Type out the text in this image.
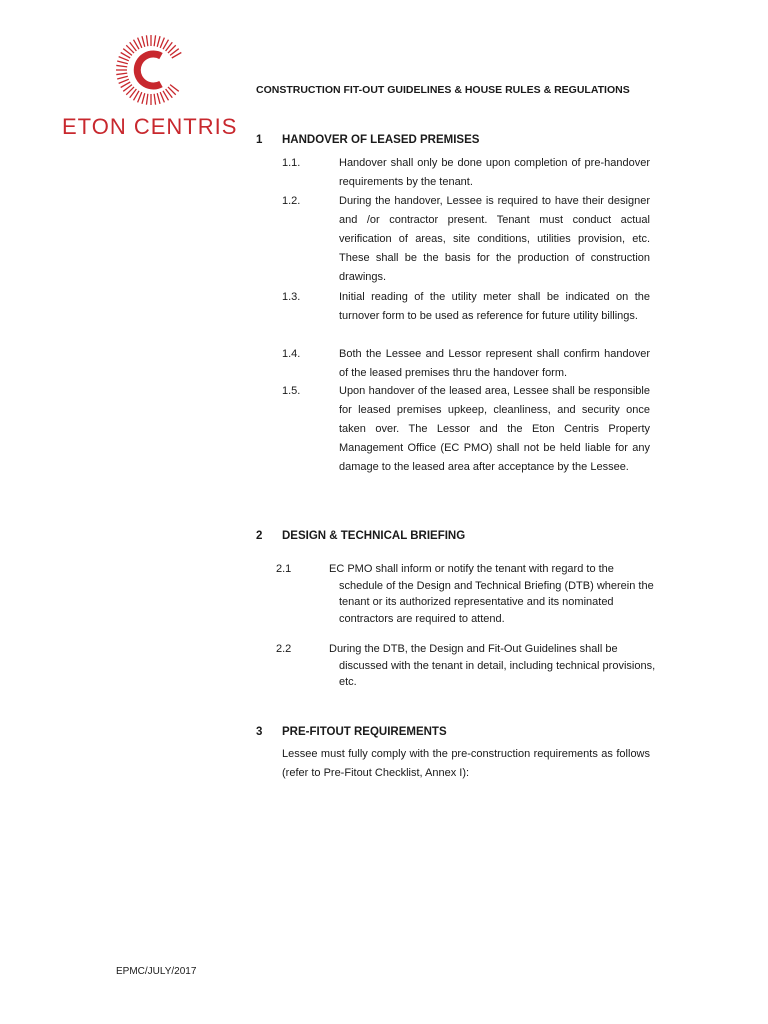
ETON CENTRIS
CONSTRUCTION FIT-OUT GUIDELINES & HOUSE RULES & REGULATIONS
1 HANDOVER OF LEASED PREMISES
1.1.	Handover shall only be done upon completion of pre-handover requirements by the tenant.
1.2.	During the handover, Lessee is required to have their designer and /or contractor present. Tenant must conduct actual verification of areas, site conditions, utilities provision, etc. These shall be the basis for the production of construction drawings.
1.3.	Initial reading of the utility meter shall be indicated on the turnover form to be used as reference for future utility billings.
1.4.	Both the Lessee and Lessor represent shall confirm handover of the leased premises thru the handover form.
1.5.	Upon handover of the leased area, Lessee shall be responsible for leased premises upkeep, cleanliness, and security once taken over. The Lessor and the Eton Centris Property Management Office (EC PMO) shall not be held liable for any damage to the leased area after acceptance by the Lessee.
2 DESIGN & TECHNICAL BRIEFING
2.1	EC PMO shall inform or notify the tenant with regard to the schedule of the Design and Technical Briefing (DTB) wherein the tenant or its authorized representative and its nominated contractors are required to attend.
2.2	During the DTB, the Design and Fit-Out Guidelines shall be discussed with the tenant in detail, including technical provisions, etc.
3 PRE-FITOUT REQUIREMENTS
Lessee must fully comply with the pre-construction requirements as follows (refer to Pre-Fitout Checklist, Annex I):
EPMC/JULY/2017
